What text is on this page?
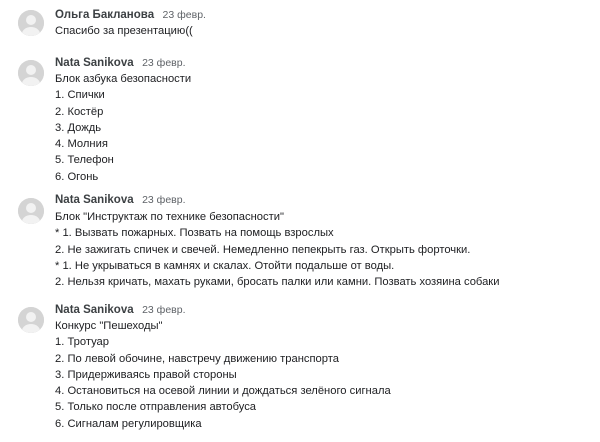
Ольга Бакланова 23 февр.
Спасибо за презентацию((
Nata Sanikova 23 февр.
Блок азбука безопасности
1. Спички
2. Костёр
3. Дождь
4. Молния
5. Телефон
6. Огонь
Nata Sanikova 23 февр.
Блок "Инструктаж по технике безопасности"
* 1. Вызвать пожарных. Позвать на помощь взрослых
2. Не зажигать спичек и свечей. Немедленно пепекрыть газ. Открыть форточки.
* 1. Не укрываться в камнях и скалах. Отойти подальше от воды.
2. Нельзя кричать, махать руками, бросать палки или камни. Позвать хозяина собаки
Nata Sanikova 23 февр.
Конкурс "Пешеходы"
1. Тротуар
2. По левой обочине, навстречу движению транспорта
3. Придерживаясь правой стороны
4. Остановиться на осевой линии и дождаться зелёного сигнала
5. Только после отправления автобуса
6. Сигналам регулировщика
